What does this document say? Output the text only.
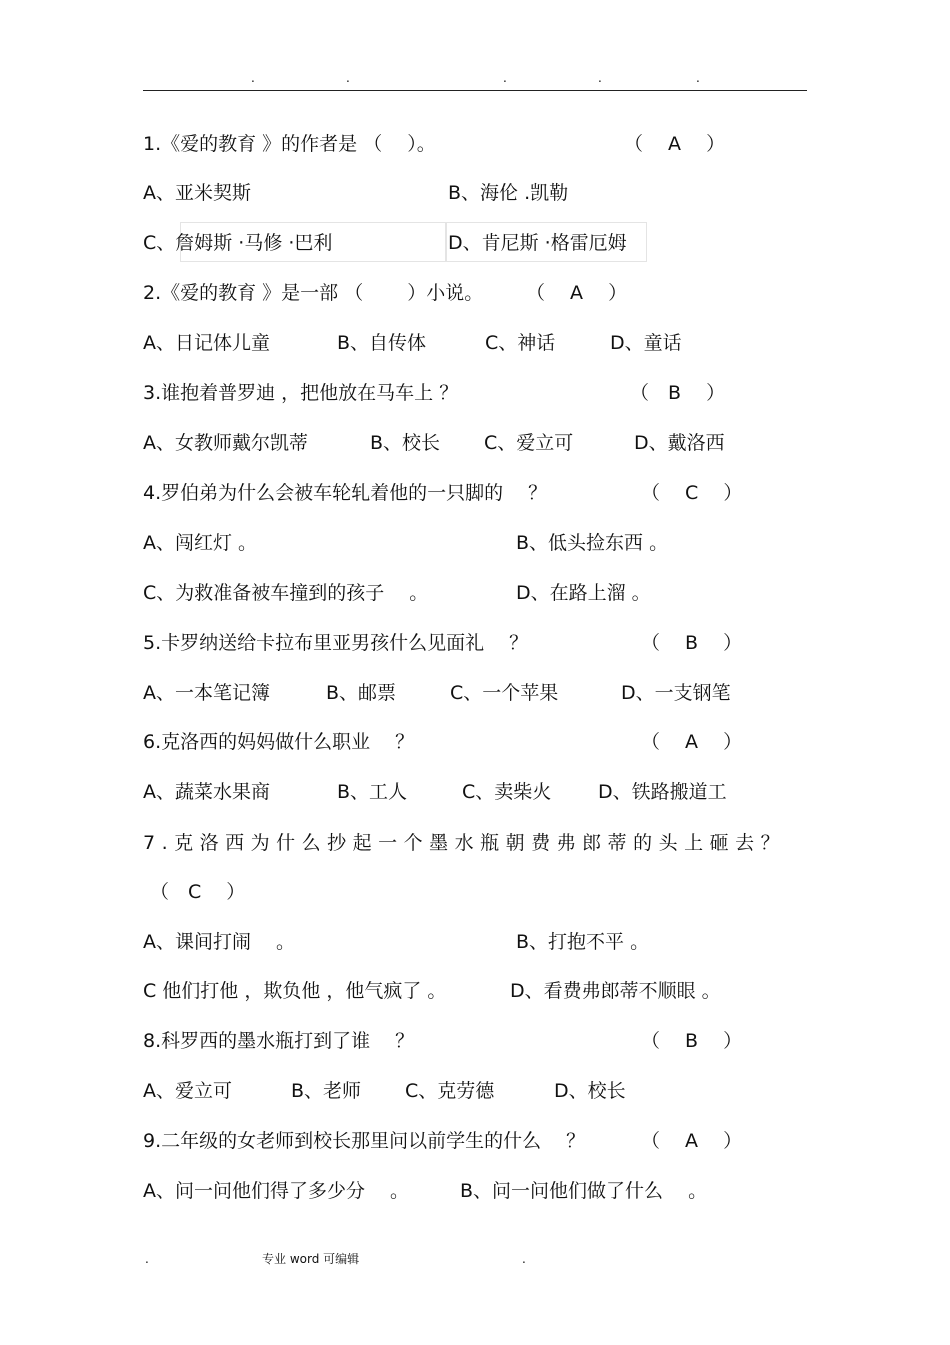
.	.	.	.	.
1.《爱的教育 》的作者是 （　 ）。	（　 A　 ）
A、亚米契斯	B、海伦 .凯勒
C、詹姆斯 ·马修 ·巴利	D、肯尼斯 ·格雷厄姆
2.《爱的教育 》是一部 （　　 ）小说。 （　 A　 ）
A、日记体儿童	B、自传体	C、神话	D、童话
3.谁抱着普罗迪 ，把他放在马车上 ？	（　B　 ）
A、女教师戴尔凯蒂	B、校长 C、爱立可	D、戴洛西
4.罗伯弟为什么会被车轮轧着他的一只脚的 　？	（　 C　 ）
A、闯红灯 。	B、低头捡东西 。
C、为救准备被车撞到的孩子 　。	D、在路上溜 。
5.卡罗纳送给卡拉布里亚男孩什么见面礼 　？	（　 B　 ）
A、一本笔记簿	B、邮票	C、一个苹果	D、一支钢笔
6.克洛西的妈妈做什么职业 　？	（　 A　 ）
A、蔬菜水果商	B、工人	C、卖柴火 D、铁路搬道工
7.克洛西为什么抄起一个墨水瓶朝费弗郎蒂的头上砸去？
（　C　 ）
A、课间打闹 　。	B、打抱不平 。
C 他们打他 ，欺负他 ，他气疯了 。	D、看费弗郎蒂不顺眼 。
8.科罗西的墨水瓶打到了谁 　？	（　 B　 ）
A、爱立可	B、老师 C、克劳德	D、校长
9.二年级的女老师到校长那里问以前学生的什么 　？	（　 A　 ）
A、问一问他们得了多少分 　。	B、问一问他们做了什么 　。
.	专业 word 可编辑	.
